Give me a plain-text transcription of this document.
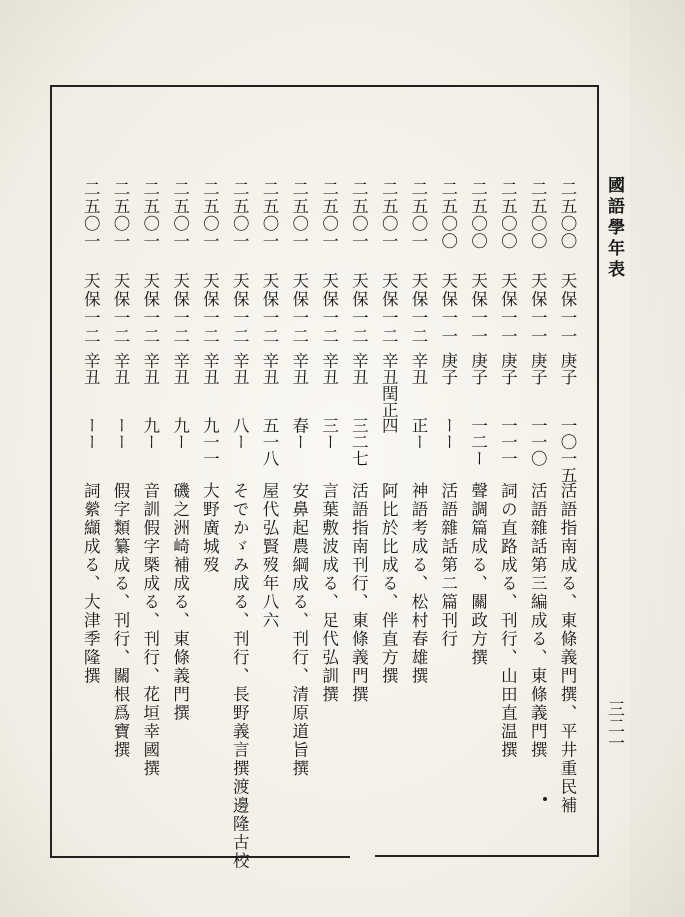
國語學年表
三二一
二五〇〇天保一一庚子一〇一五活語指南成る、東條義門撰、平井重民補
二五〇〇天保一一庚子一一〇活語雜話第三編成る、東條義門撰
二五〇〇天保一一庚子一一一詞の直路成る、刊行、山田直温撰
二五〇〇天保一一庚子一二ー聲調篇成る、關政方撰
二五〇〇天保一一庚子ーー活語雜話第二篇刊行
二五〇一天保一二辛丑正ー神語考成る、松村春雄撰
二五〇一天保一二辛丑閏正四阿比於比成る、伴直方撰
二五〇一天保一二辛丑三二七活語指南刊行、東條義門撰
二五〇一天保一二辛丑三ー言葉敷波成る、足代弘訓撰
二五〇一天保一二辛丑春ー安鼻起農綱成る、刊行、清原道旨撰
二五〇一天保一二辛丑五一八屋代弘賢歿年八六
二五〇一天保一二辛丑八ーそでかゞみ成る、刊行、長野義言撰渡邊隆古校
二五〇一天保一二辛丑九一一大野廣城歿
二五〇一天保一二辛丑九ー磯之洲崎補成る、東條義門撰
二五〇一天保一二辛丑九ー音訓假字槩成る、刊行、花垣幸國撰
二五〇一天保一二辛丑ーー假字類纂成る、刊行、關根爲寶撰
二五〇一天保一二辛丑ーー詞縈纈成る、大津季隆撰
